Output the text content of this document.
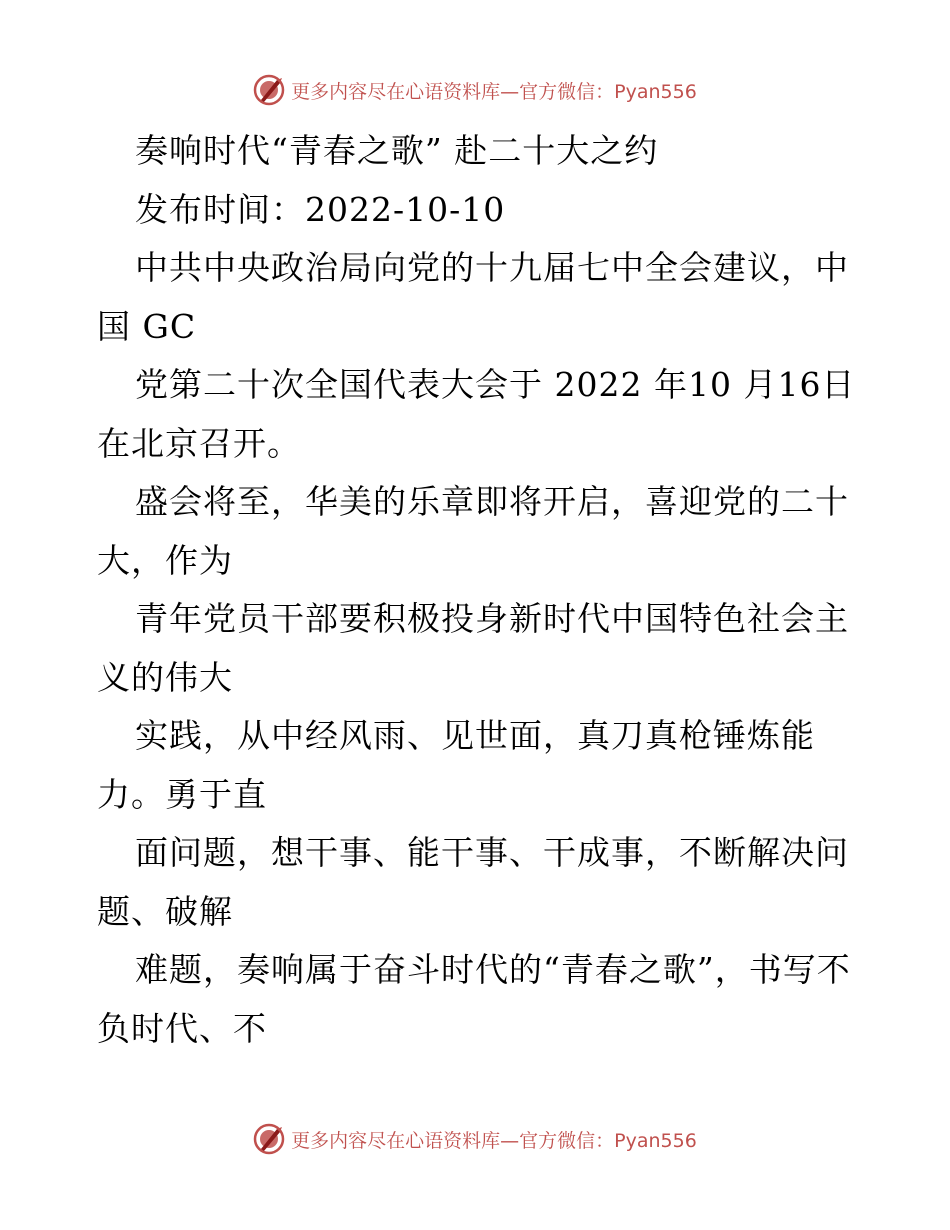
更多内容尽在心语资料库—官方微信：Pyan556

奏响时代“青春之歌” 赴二十大之约

发布时间：2022-10-10

中共中央政治局向党的十九届七中全会建议，中国 GC

党第二十次全国代表大会于 2022 年10 月16日在北京召开。

盛会将至，华美的乐章即将开启，喜迎党的二十大，作为

青年党员干部要积极投身新时代中国特色社会主义的伟大

实践，从中经风雨、见世面，真刀真枪锤炼能力。勇于直

面问题，想干事、能干事、干成事，不断解决问题、破解

难题，奏响属于奋斗时代的“青春之歌”，书写不负时代、不

更多内容尽在心语资料库—官方微信：Pyan556
